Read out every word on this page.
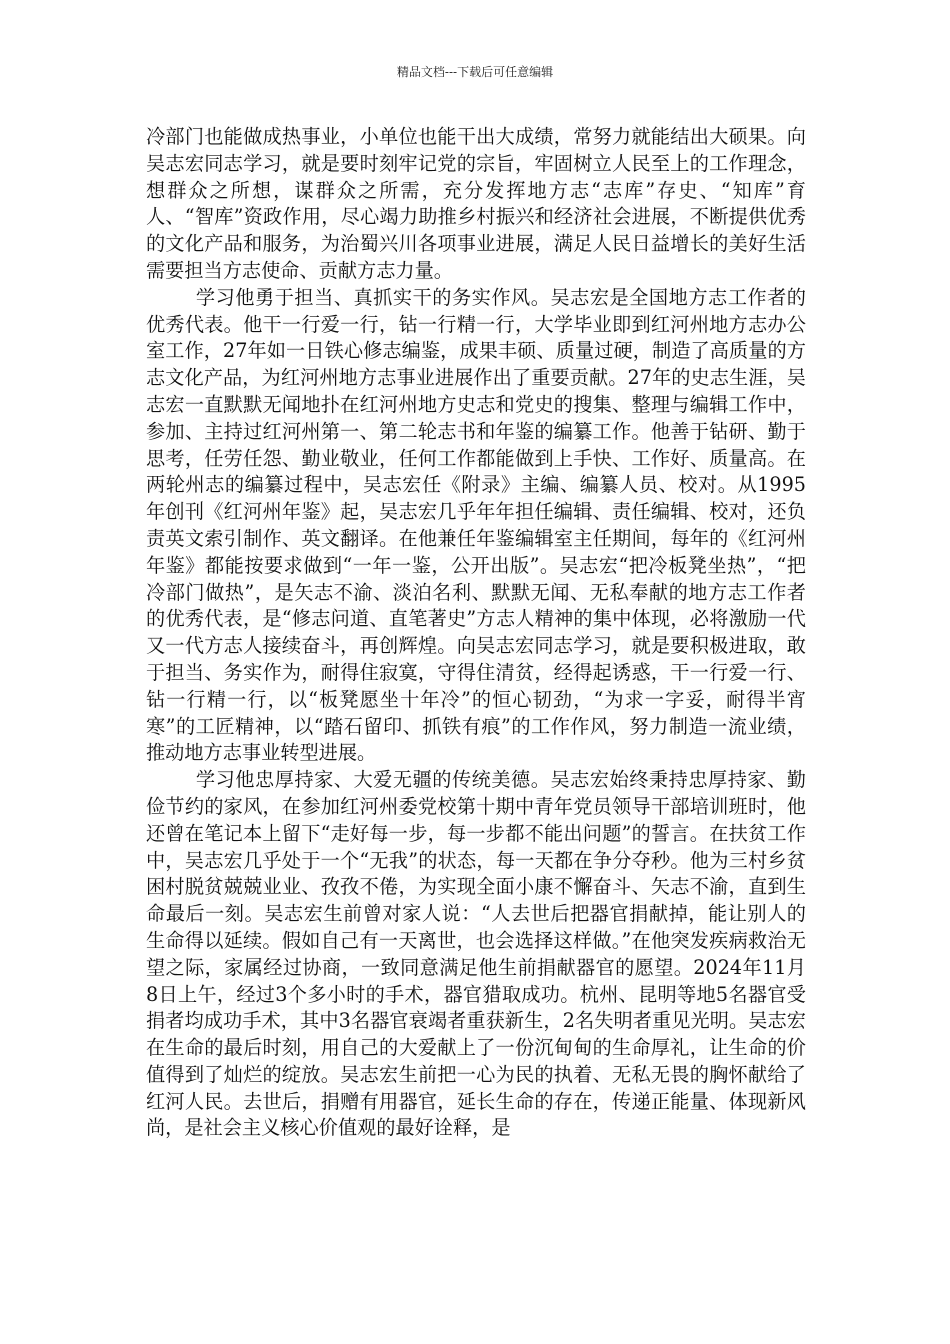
精品文档---下载后可任意编辑

冷部门也能做成热事业，小单位也能干出大成绩，常努力就能结出大硕果。向吴志宏同志学习，就是要时刻牢记党的宗旨，牢固树立人民至上的工作理念，想群众之所想，谋群众之所需，充分发挥地方志“志库”存史、“知库”育人、“智库”资政作用，尽心竭力助推乡村振兴和经济社会进展，不断提供优秀的文化产品和服务，为治蜀兴川各项事业进展，满足人民日益增长的美好生活需要担当方志使命、贡献方志力量。

学习他勇于担当、真抓实干的务实作风。吴志宏是全国地方志工作者的优秀代表。他干一行爱一行，钻一行精一行，大学毕业即到红河州地方志办公室工作，27年如一日铁心修志编鉴，成果丰硕、质量过硬，制造了高质量的方志文化产品，为红河州地方志事业进展作出了重要贡献。27年的史志生涯，吴志宏一直默默无闻地扑在红河州地方史志和党史的搜集、整理与编辑工作中，参加、主持过红河州第一、第二轮志书和年鉴的编纂工作。他善于钻研、勤于思考，任劳任怨、勤业敬业，任何工作都能做到上手快、工作好、质量高。在两轮州志的编纂过程中，吴志宏任《附录》主编、编纂人员、校对。从1995年创刊《红河州年鉴》起，吴志宏几乎年年担任编辑、责任编辑、校对，还负责英文索引制作、英文翻译。在他兼任年鉴编辑室主任期间，每年的《红河州年鉴》都能按要求做到“一年一鉴，公开出版”。吴志宏“把冷板凳坐热”，“把冷部门做热”，是矢志不渝、淡泊名利、默默无闻、无私奉献的地方志工作者的优秀代表，是“修志问道、直笔著史”方志人精神的集中体现，必将激励一代又一代方志人接续奋斗，再创辉煌。向吴志宏同志学习，就是要积极进取，敢于担当、务实作为，耐得住寂寞，守得住清贫，经得起诱惑，干一行爱一行、钻一行精一行，以“板凳愿坐十年冷”的恒心韧劲，“为求一字妥，耐得半宵寒”的工匠精神，以“踏石留印、抓铁有痕”的工作作风，努力制造一流业绩，推动地方志事业转型进展。

学习他忠厚持家、大爱无疆的传统美德。吴志宏始终秉持忠厚持家、勤俭节约的家风，在参加红河州委党校第十期中青年党员领导干部培训班时，他还曾在笔记本上留下“走好每一步，每一步都不能出问题”的誓言。在扶贫工作中，吴志宏几乎处于一个“无我”的状态，每一天都在争分夺秒。他为三村乡贫困村脱贫兢兢业业、孜孜不倦，为实现全面小康不懈奋斗、矢志不渝，直到生命最后一刻。吴志宏生前曾对家人说：“人去世后把器官捐献掉，能让别人的生命得以延续。假如自己有一天离世，也会选择这样做。”在他突发疾病救治无望之际，家属经过协商，一致同意满足他生前捐献器官的愿望。2024年11月8日上午，经过3个多小时的手术，器官猎取成功。杭州、昆明等地5名器官受捐者均成功手术，其中3名器官衰竭者重获新生，2名失明者重见光明。吴志宏在生命的最后时刻，用自己的大爱献上了一份沉甸甸的生命厚礼，让生命的价值得到了灿烂的绽放。吴志宏生前把一心为民的执着、无私无畏的胸怀献给了红河人民。去世后，捐赠有用器官，延长生命的存在，传递正能量、体现新风尚，是社会主义核心价值观的最好诠释，是
